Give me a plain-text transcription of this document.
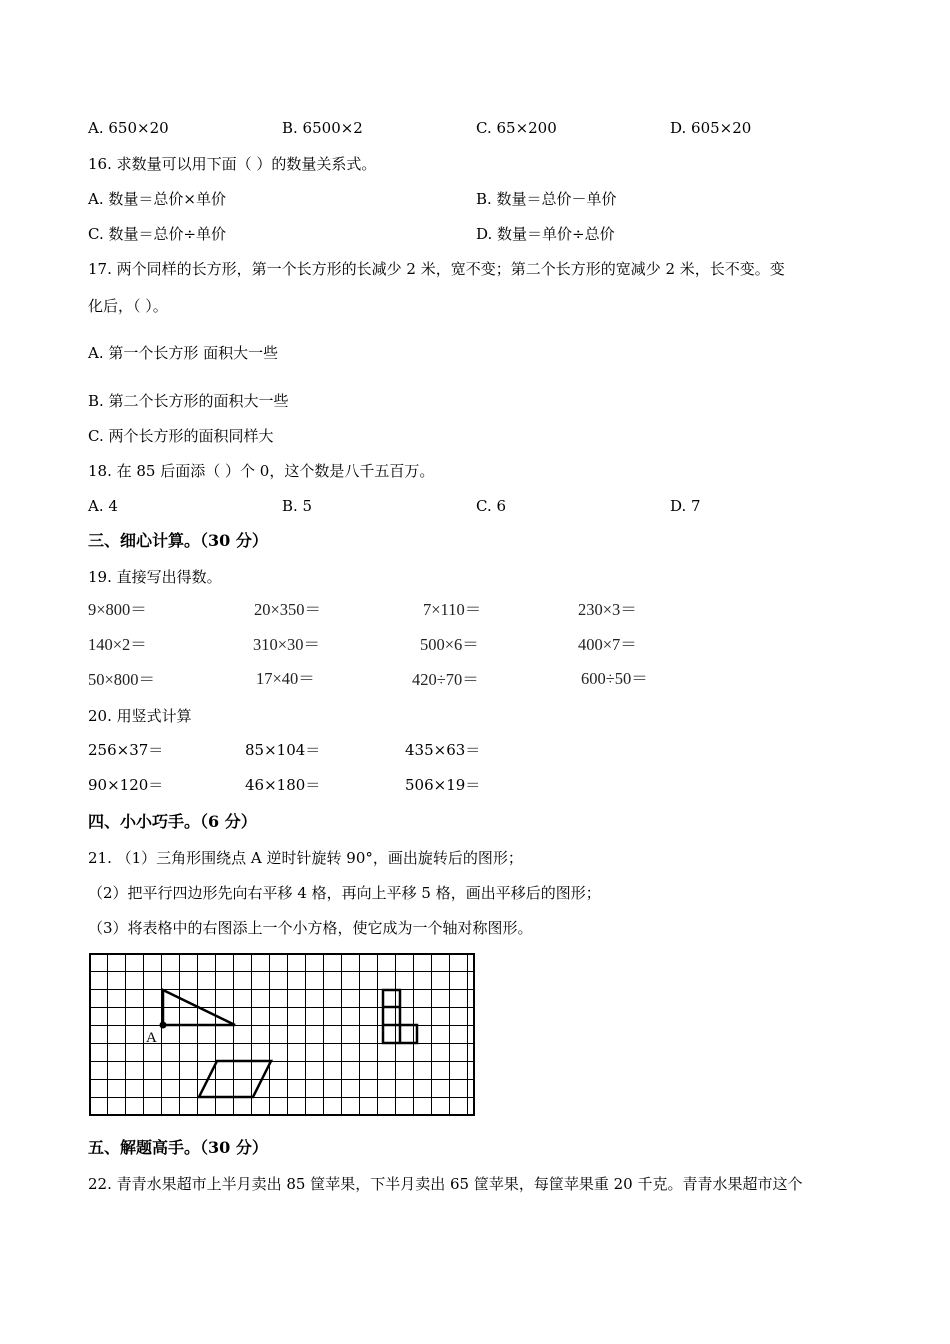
A. 650×20	B. 6500×2	C. 65×200	D. 605×20
16. 求数量可以用下面（ ）的数量关系式。
A. 数量＝总价×单价	B. 数量＝总价－单价
C. 数量＝总价÷单价	D. 数量＝单价÷总价
17. 两个同样的长方形，第一个长方形的长减少 2 米，宽不变；第二个长方形的宽减少 2 米，长不变。变
化后，（ ）。
A. 第一个长方形 面积大一些
B. 第二个长方形的面积大一些
C. 两个长方形的面积同样大
18. 在 85 后面添（ ）个 0，这个数是八千五百万。
A. 4	B. 5	C. 6	D. 7
三、细心计算。（30 分）
19. 直接写出得数。
9×800＝	20×350＝	7×110＝	230×3＝
140×2＝	310×30＝	500×6＝	400×7＝
50×800＝	17×40＝	420÷70＝	600÷50＝
20. 用竖式计算
256×37＝	85×104＝	435×63＝
90×120＝	46×180＝	506×19＝
四、小小巧手。（6 分）
21. （1）三角形围绕点 A 逆时针旋转 90°，画出旋转后的图形；
（2）把平行四边形先向右平移 4 格，再向上平移 5 格，画出平移后的图形；
（3）将表格中的右图添上一个小方格，使它成为一个轴对称图形。
A
五、解题高手。（30 分）
22. 青青水果超市上半月卖出 85 筐苹果，下半月卖出 65 筐苹果，每筐苹果重 20 千克。青青水果超市这个
